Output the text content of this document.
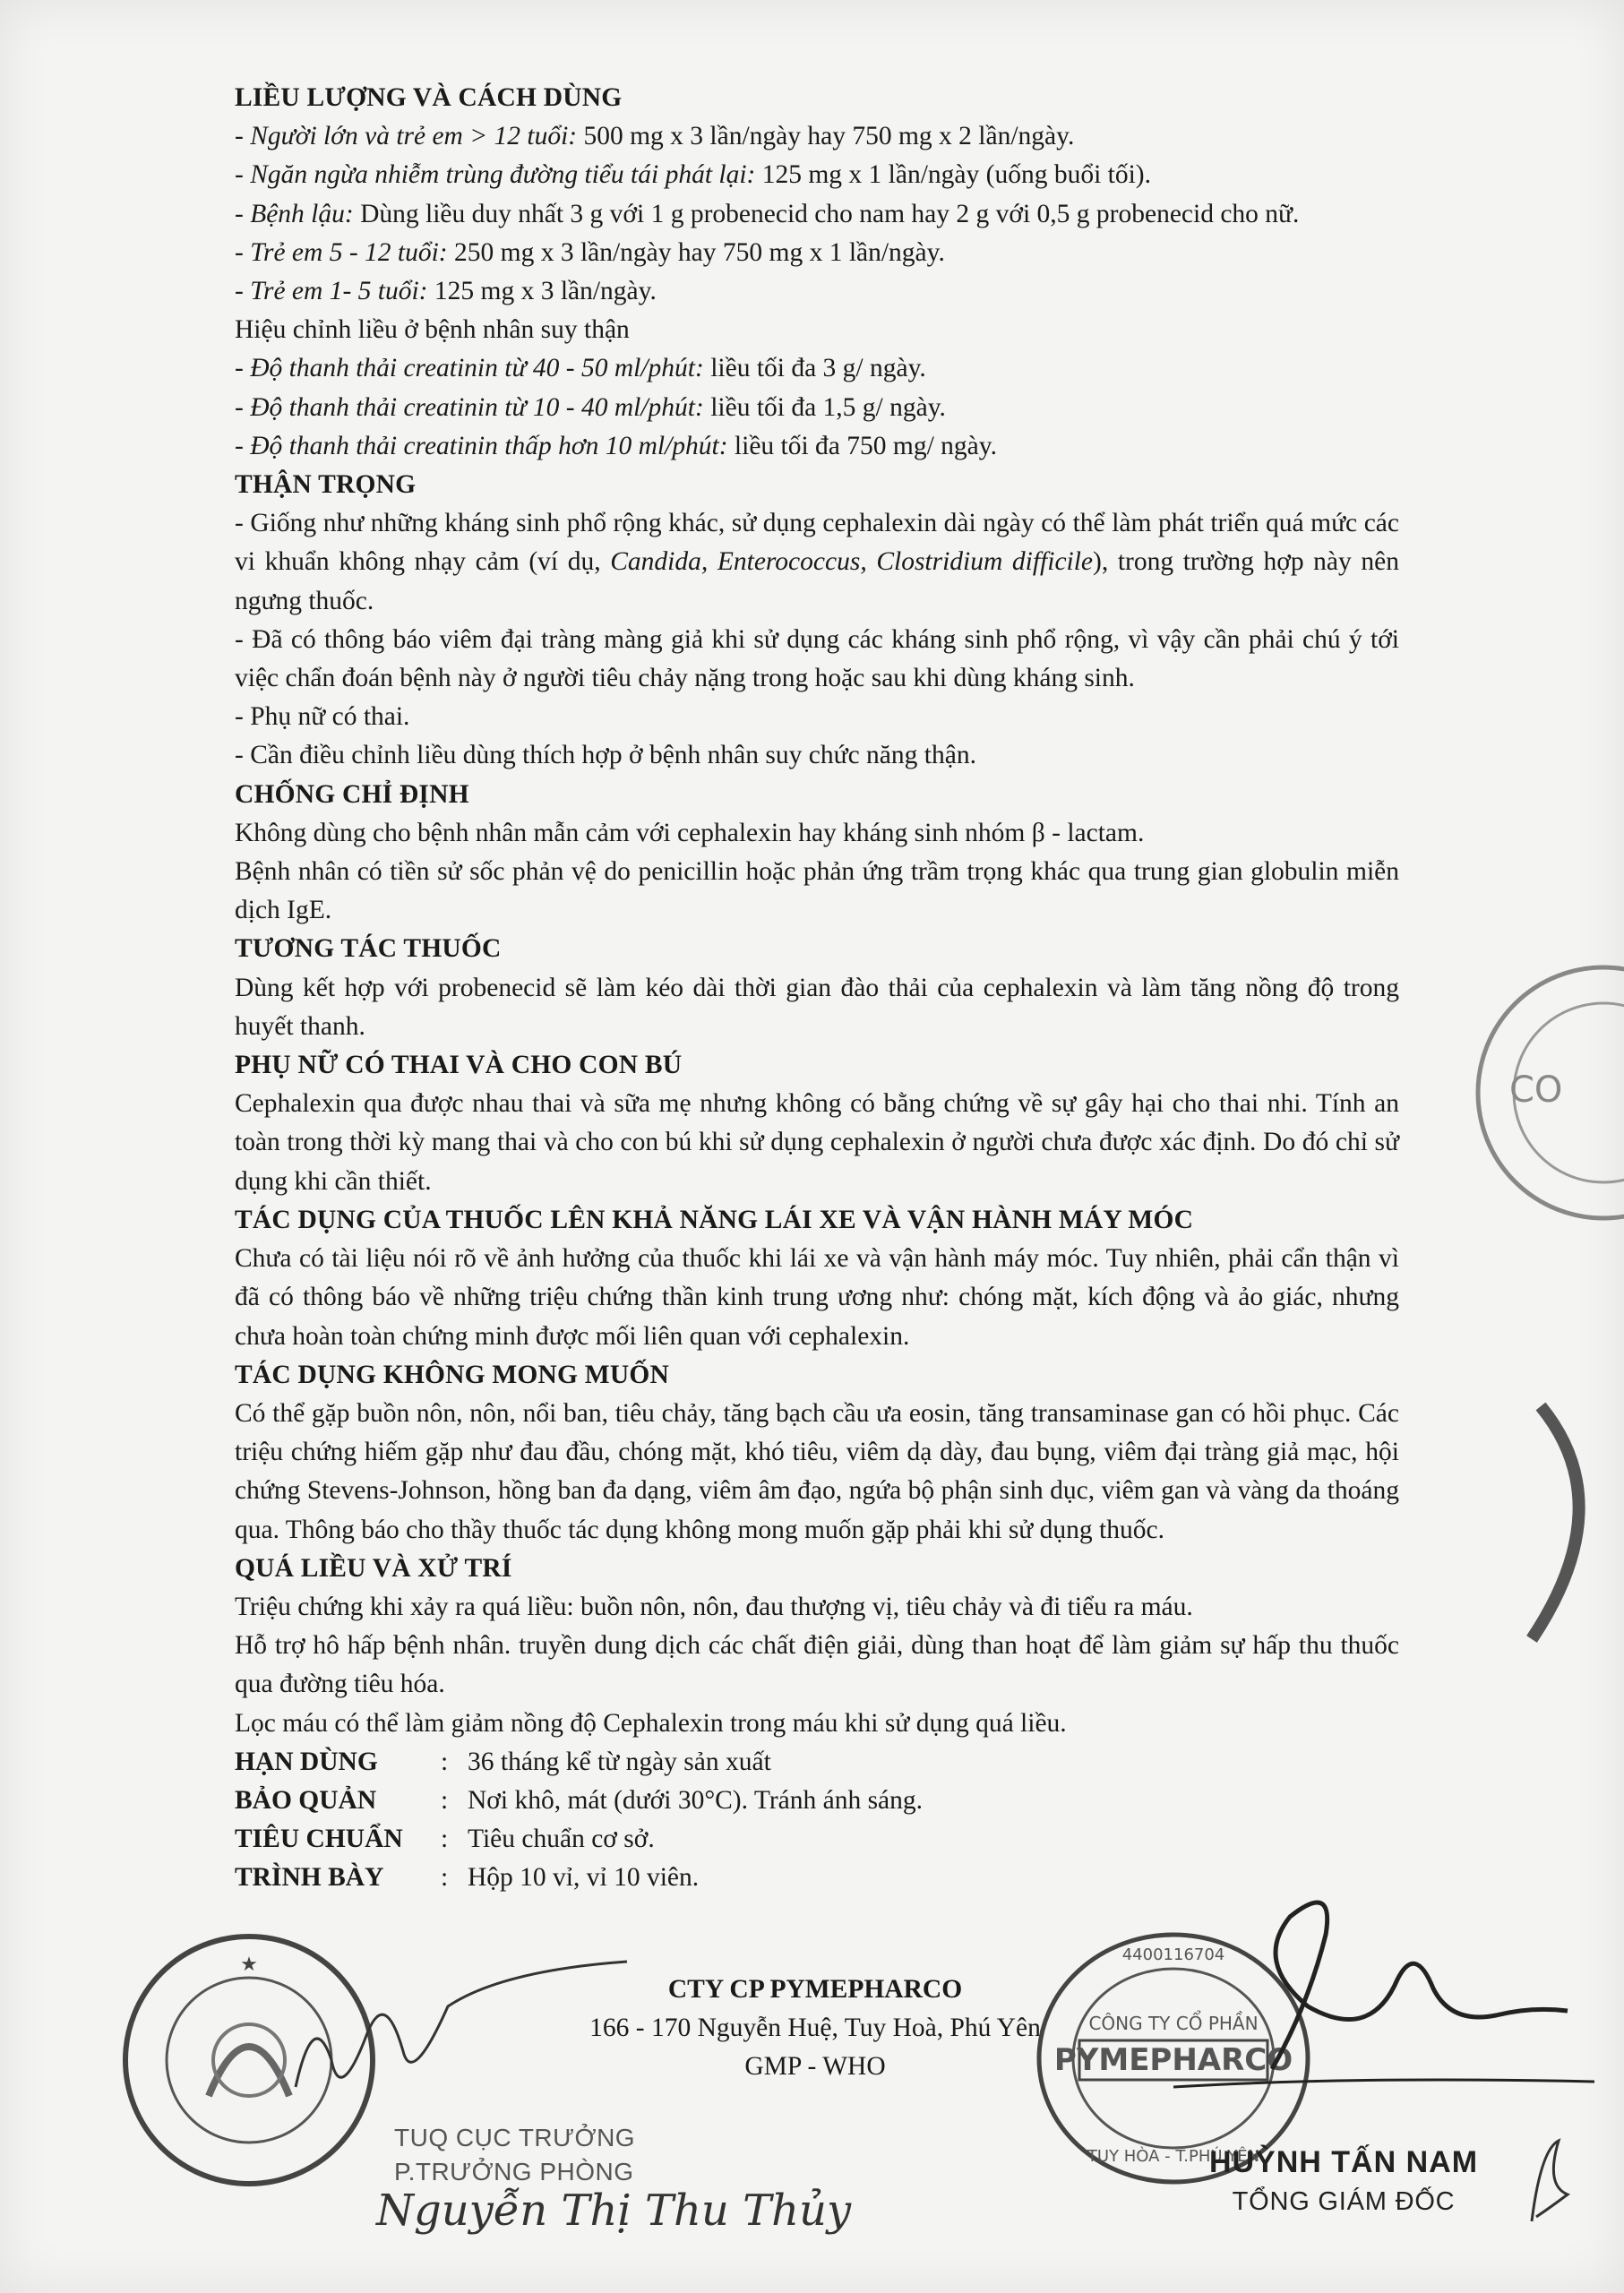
LIỀU LƯỢNG VÀ CÁCH DÙNG

- Người lớn và trẻ em > 12 tuổi: 500 mg x 3 lần/ngày hay 750 mg x 2 lần/ngày.

- Ngăn ngừa nhiễm trùng đường tiểu tái phát lại: 125 mg x 1 lần/ngày (uống buổi tối).

- Bệnh lậu: Dùng liều duy nhất 3 g với 1 g probenecid cho nam hay 2 g với 0,5 g probenecid cho nữ.

- Trẻ em 5 - 12 tuổi: 250 mg x 3 lần/ngày hay 750 mg x 1 lần/ngày.

- Trẻ em 1- 5 tuổi: 125 mg x 3 lần/ngày.

Hiệu chỉnh liều ở bệnh nhân suy thận

- Độ thanh thải creatinin từ 40 - 50 ml/phút: liều tối đa 3 g/ ngày.

- Độ thanh thải creatinin từ 10 - 40 ml/phút: liều tối đa 1,5 g/ ngày.

- Độ thanh thải creatinin thấp hơn 10 ml/phút: liều tối đa 750 mg/ ngày.

THẬN TRỌNG

- Giống như những kháng sinh phổ rộng khác, sử dụng cephalexin dài ngày có thể làm phát triển quá mức các vi khuẩn không nhạy cảm (ví dụ, Candida, Enterococcus, Clostridium difficile), trong trường hợp này nên ngưng thuốc.

- Đã có thông báo viêm đại tràng màng giả khi sử dụng các kháng sinh phổ rộng, vì vậy cần phải chú ý tới việc chẩn đoán bệnh này ở người tiêu chảy nặng trong hoặc sau khi dùng kháng sinh.

- Phụ nữ có thai.

- Cần điều chỉnh liều dùng thích hợp ở bệnh nhân suy chức năng thận.

CHỐNG CHỈ ĐỊNH

Không dùng cho bệnh nhân mẫn cảm với cephalexin hay kháng sinh nhóm β - lactam.

Bệnh nhân có tiền sử sốc phản vệ do penicillin hoặc phản ứng trầm trọng khác qua trung gian globulin miễn dịch IgE.

TƯƠNG TÁC THUỐC

Dùng kết hợp với probenecid sẽ làm kéo dài thời gian đào thải của cephalexin và làm tăng nồng độ trong huyết thanh.

PHỤ NỮ CÓ THAI VÀ CHO CON BÚ

Cephalexin qua được nhau thai và sữa mẹ nhưng không có bằng chứng về sự gây hại cho thai nhi. Tính an toàn trong thời kỳ mang thai và cho con bú khi sử dụng cephalexin ở người chưa được xác định. Do đó chỉ sử dụng khi cần thiết.

TÁC DỤNG CỦA THUỐC LÊN KHẢ NĂNG LÁI XE VÀ VẬN HÀNH MÁY MÓC

Chưa có tài liệu nói rõ về ảnh hưởng của thuốc khi lái xe và vận hành máy móc. Tuy nhiên, phải cẩn thận vì đã có thông báo về những triệu chứng thần kinh trung ương như: chóng mặt, kích động và ảo giác, nhưng chưa hoàn toàn chứng minh được mối liên quan với cephalexin.

TÁC DỤNG KHÔNG MONG MUỐN

Có thể gặp buồn nôn, nôn, nổi ban, tiêu chảy, tăng bạch cầu ưa eosin, tăng transaminase gan có hồi phục. Các triệu chứng hiếm gặp như đau đầu, chóng mặt, khó tiêu, viêm dạ dày, đau bụng, viêm đại tràng giả mạc, hội chứng Stevens-Johnson, hồng ban đa dạng, viêm âm đạo, ngứa bộ phận sinh dục, viêm gan và vàng da thoáng qua. Thông báo cho thầy thuốc tác dụng không mong muốn gặp phải khi sử dụng thuốc.

QUÁ LIỀU VÀ XỬ TRÍ

Triệu chứng khi xảy ra quá liều: buồn nôn, nôn, đau thượng vị, tiêu chảy và đi tiểu ra máu.

Hỗ trợ hô hấp bệnh nhân. truyền dung dịch các chất điện giải, dùng than hoạt để làm giảm sự hấp thu thuốc qua đường tiêu hóa.

Lọc máu có thể làm giảm nồng độ Cephalexin trong máu khi sử dụng quá liều.

HẠN DÙNG	: 36 tháng kể từ ngày sản xuất
BẢO QUẢN	: Nơi khô, mát (dưới 30°C). Tránh ánh sáng.
TIÊU CHUẨN	: Tiêu chuẩn cơ sở.
TRÌNH BÀY	: Hộp 10 vỉ, vỉ 10 viên.
CTY CP PYMEPHARCO
166 - 170 Nguyễn Huệ, Tuy Hoà, Phú Yên
GMP - WHO
★
TUQ CỤC TRƯỞNG
P.TRƯỞNG PHÒNG
Nguyễn Thị Thu Thủy
PYMEPHARCO
CÔNG TY CỔ PHẦN
4400116704
TUY HÒA - T.PHÚ YÊN
HUỲNH TẤN NAM
TỔNG GIÁM ĐỐC
CO
